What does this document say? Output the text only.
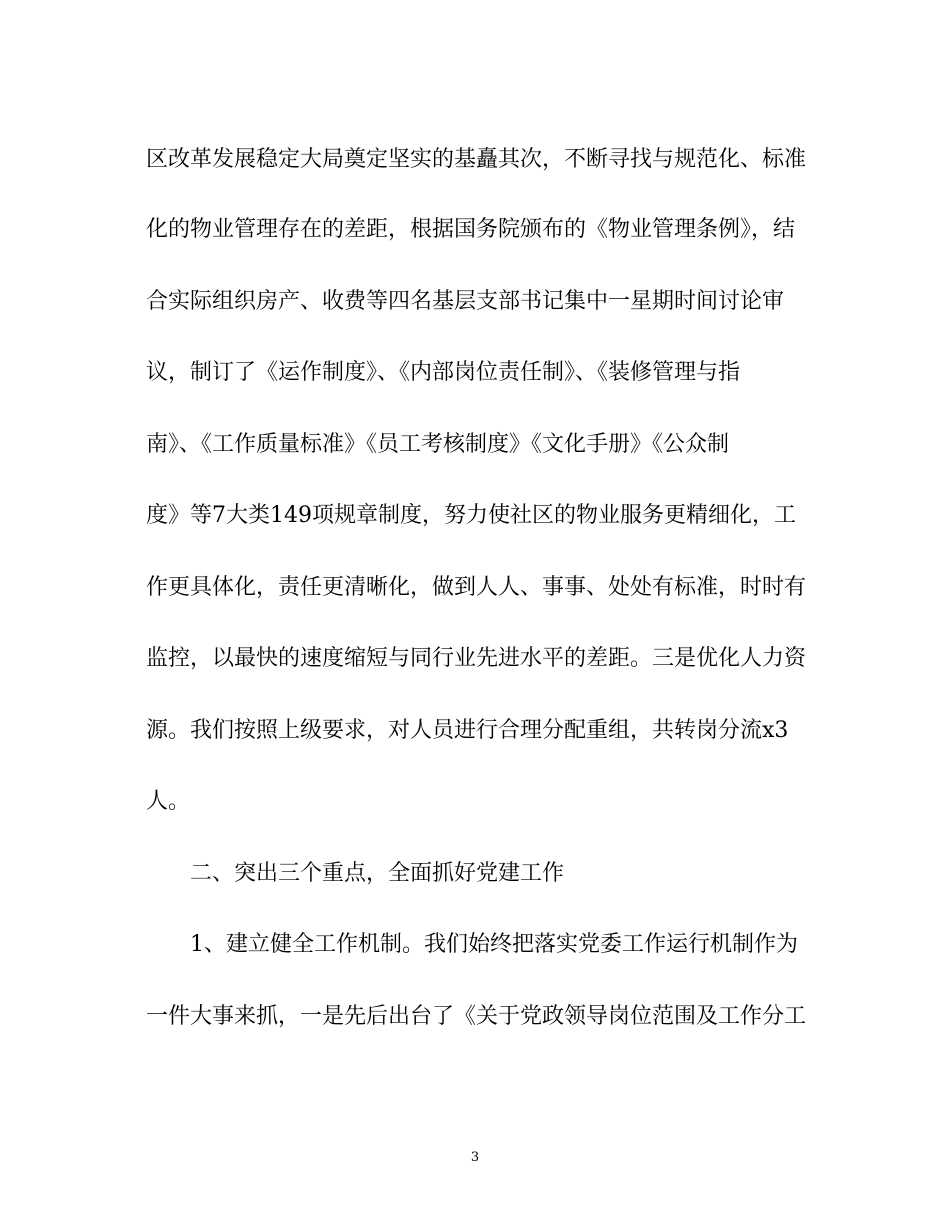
区改革发展稳定大局奠定坚实的基矗其次，不断寻找与规范化、标准
化的物业管理存在的差距，根据国务院颁布的《物业管理条例》，结
合实际组织房产、收费等四名基层支部书记集中一星期时间讨论审
议，制订了《运作制度》、《内部岗位责任制》、《装修管理与指
南》、《工作质量标准》《员工考核制度》《文化手册》《公众制
度》等7大类149项规章制度，努力使社区的物业服务更精细化，工
作更具体化，责任更清晰化，做到人人、事事、处处有标准，时时有
监控，以最快的速度缩短与同行业先进水平的差距。三是优化人力资
源。我们按照上级要求，对人员进行合理分配重组，共转岗分流x3
人。
二、突出三个重点，全面抓好党建工作
1、建立健全工作机制。我们始终把落实党委工作运行机制作为
一件大事来抓，一是先后出台了《关于党政领导岗位范围及工作分工
3
